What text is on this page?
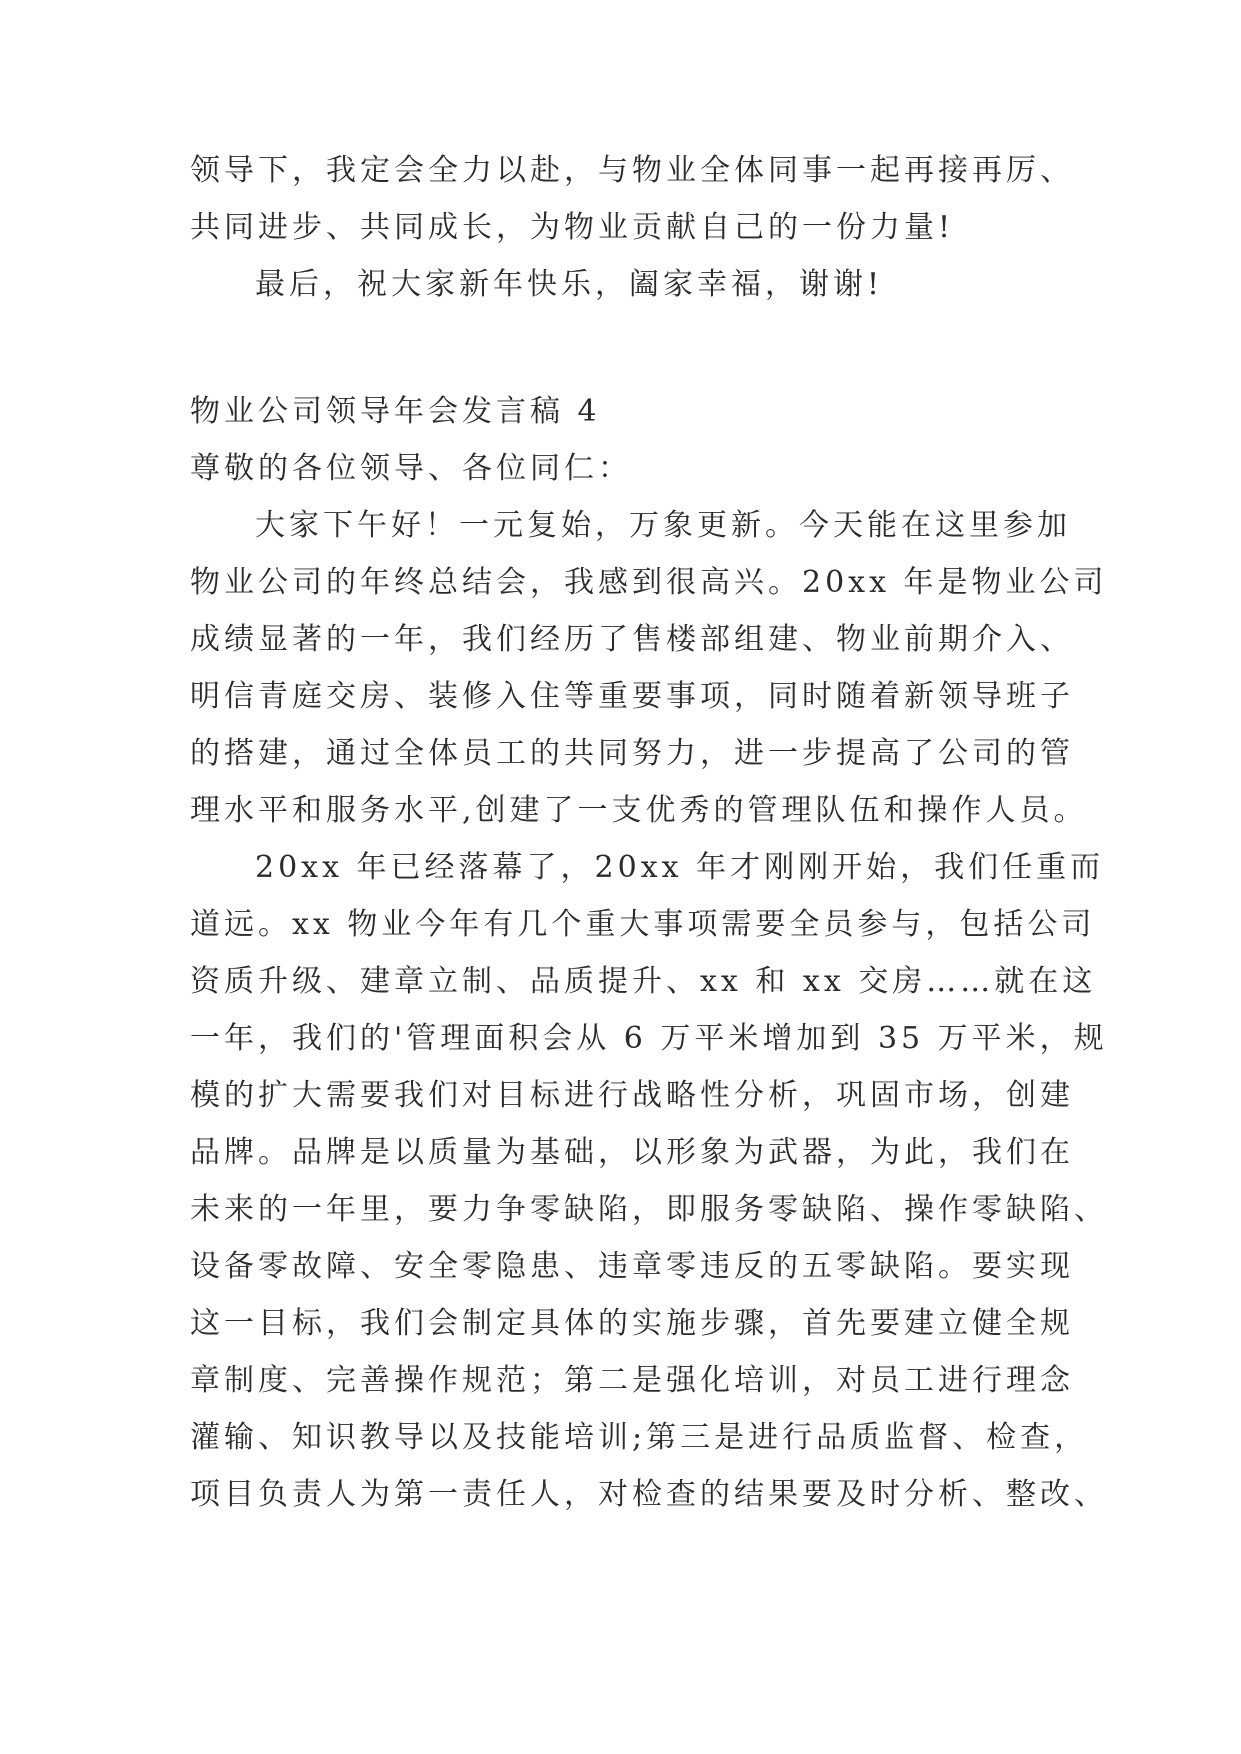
领导下，我定会全力以赴，与物业全体同事一起再接再厉、
共同进步、共同成长，为物业贡献自己的一份力量!
最后，祝大家新年快乐，阖家幸福，谢谢!
物业公司领导年会发言稿 4
尊敬的各位领导、各位同仁：
大家下午好！一元复始，万象更新。今天能在这里参加
物业公司的年终总结会，我感到很高兴。20xx 年是物业公司
成绩显著的一年，我们经历了售楼部组建、物业前期介入、
明信青庭交房、装修入住等重要事项，同时随着新领导班子
的搭建，通过全体员工的共同努力，进一步提高了公司的管
理水平和服务水平,创建了一支优秀的管理队伍和操作人员。
20xx 年已经落幕了，20xx 年才刚刚开始，我们任重而
道远。xx 物业今年有几个重大事项需要全员参与，包括公司
资质升级、建章立制、品质提升、xx 和 xx 交房……就在这
一年，我们的'管理面积会从 6 万平米增加到 35 万平米，规
模的扩大需要我们对目标进行战略性分析，巩固市场，创建
品牌。品牌是以质量为基础，以形象为武器，为此，我们在
未来的一年里，要力争零缺陷，即服务零缺陷、操作零缺陷、
设备零故障、安全零隐患、违章零违反的五零缺陷。要实现
这一目标，我们会制定具体的实施步骤，首先要建立健全规
章制度、完善操作规范；第二是强化培训，对员工进行理念
灌输、知识教导以及技能培训;第三是进行品质监督、检查，
项目负责人为第一责任人，对检查的结果要及时分析、整改、
